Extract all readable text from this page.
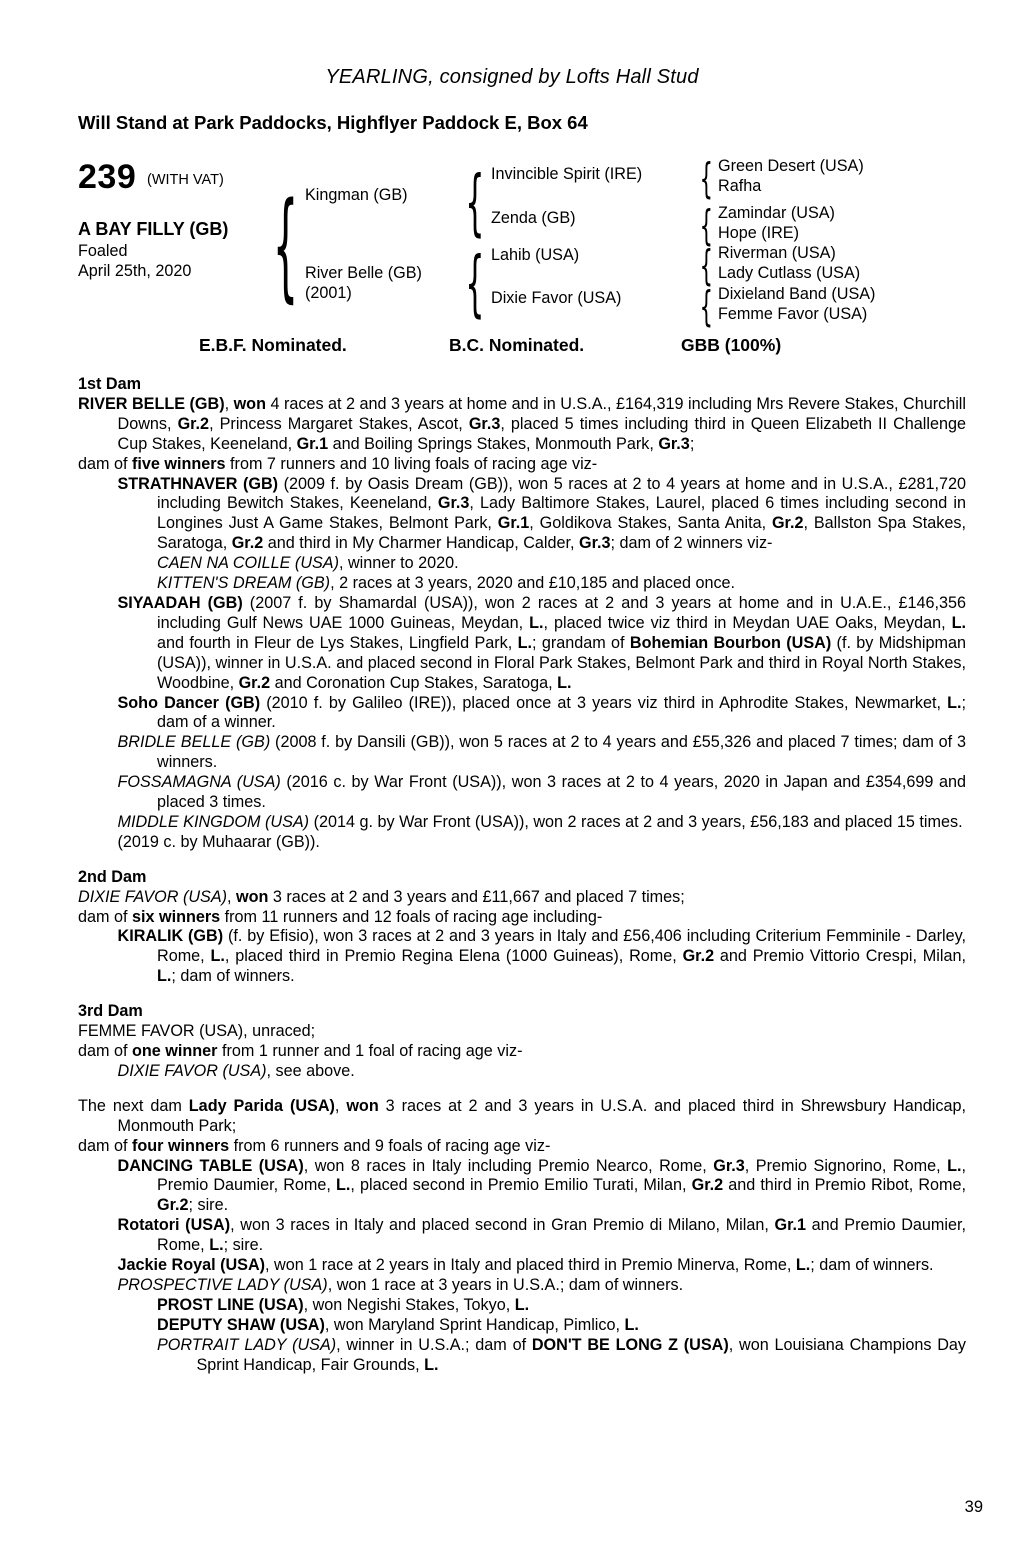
YEARLING, consigned by Lofts Hall Stud
Will Stand at Park Paddocks, Highflyer Paddock E, Box 64
239 (WITH VAT)
A BAY FILLY (GB)
Foaled
April 25th, 2020 { {
{
{
{
{
{
Kingman (GB)
River Belle (GB)
(2001)
Invincible Spirit (IRE)
Zenda (GB)
Lahib (USA)
Dixie Favor (USA)
Green Desert (USA)
Rafha
Zamindar (USA)
Hope (IRE)
Riverman (USA)
Lady Cutlass (USA)
Dixieland Band (USA)
Femme Favor (USA)
E.B.F. Nominated.	B.C. Nominated.	GBB (100%)

1st Dam

RIVER BELLE (GB), won 4 races at 2 and 3 years at home and in U.S.A., £164,319 including Mrs Revere Stakes, Churchill Downs, Gr.2, Princess Margaret Stakes, Ascot, Gr.3, placed 5 times including third in Queen Elizabeth II Challenge Cup Stakes, Keeneland, Gr.1 and Boiling Springs Stakes, Monmouth Park, Gr.3;

dam of five winners from 7 runners and 10 living foals of racing age viz-

STRATHNAVER (GB) (2009 f. by Oasis Dream (GB)), won 5 races at 2 to 4 years at home and in U.S.A., £281,720 including Bewitch Stakes, Keeneland, Gr.3, Lady Baltimore Stakes, Laurel, placed 6 times including second in Longines Just A Game Stakes, Belmont Park, Gr.1, Goldikova Stakes, Santa Anita, Gr.2, Ballston Spa Stakes, Saratoga, Gr.2 and third in My Charmer Handicap, Calder, Gr.3; dam of 2 winners viz-

CAEN NA COILLE (USA), winner to 2020.

KITTEN'S DREAM (GB), 2 races at 3 years, 2020 and £10,185 and placed once.

SIYAADAH (GB) (2007 f. by Shamardal (USA)), won 2 races at 2 and 3 years at home and in U.A.E., £146,356 including Gulf News UAE 1000 Guineas, Meydan, L., placed twice viz third in Meydan UAE Oaks, Meydan, L. and fourth in Fleur de Lys Stakes, Lingfield Park, L.; grandam of Bohemian Bourbon (USA) (f. by Midshipman (USA)), winner in U.S.A. and placed second in Floral Park Stakes, Belmont Park and third in Royal North Stakes, Woodbine, Gr.2 and Coronation Cup Stakes, Saratoga, L.

Soho Dancer (GB) (2010 f. by Galileo (IRE)), placed once at 3 years viz third in Aphrodite Stakes, Newmarket, L.; dam of a winner.

BRIDLE BELLE (GB) (2008 f. by Dansili (GB)), won 5 races at 2 to 4 years and £55,326 and placed 7 times; dam of 3 winners.

FOSSAMAGNA (USA) (2016 c. by War Front (USA)), won 3 races at 2 to 4 years, 2020 in Japan and £354,699 and placed 3 times.

MIDDLE KINGDOM (USA) (2014 g. by War Front (USA)), won 2 races at 2 and 3 years, £56,183 and placed 15 times.

(2019 c. by Muhaarar (GB)).

2nd Dam

DIXIE FAVOR (USA), won 3 races at 2 and 3 years and £11,667 and placed 7 times;

dam of six winners from 11 runners and 12 foals of racing age including-

KIRALIK (GB) (f. by Efisio), won 3 races at 2 and 3 years in Italy and £56,406 including Criterium Femminile - Darley, Rome, L., placed third in Premio Regina Elena (1000 Guineas), Rome, Gr.2 and Premio Vittorio Crespi, Milan, L.; dam of winners.

3rd Dam

FEMME FAVOR (USA), unraced;

dam of one winner from 1 runner and 1 foal of racing age viz-

DIXIE FAVOR (USA), see above.

The next dam Lady Parida (USA), won 3 races at 2 and 3 years in U.S.A. and placed third in Shrewsbury Handicap, Monmouth Park;

dam of four winners from 6 runners and 9 foals of racing age viz-

DANCING TABLE (USA), won 8 races in Italy including Premio Nearco, Rome, Gr.3, Premio Signorino, Rome, L., Premio Daumier, Rome, L., placed second in Premio Emilio Turati, Milan, Gr.2 and third in Premio Ribot, Rome, Gr.2; sire.

Rotatori (USA), won 3 races in Italy and placed second in Gran Premio di Milano, Milan, Gr.1 and Premio Daumier, Rome, L.; sire.

Jackie Royal (USA), won 1 race at 2 years in Italy and placed third in Premio Minerva, Rome, L.; dam of winners.

PROSPECTIVE LADY (USA), won 1 race at 3 years in U.S.A.; dam of winners.

PROST LINE (USA), won Negishi Stakes, Tokyo, L.

DEPUTY SHAW (USA), won Maryland Sprint Handicap, Pimlico, L.

PORTRAIT LADY (USA), winner in U.S.A.; dam of DON'T BE LONG Z (USA), won Louisiana Champions Day Sprint Handicap, Fair Grounds, L.

39
